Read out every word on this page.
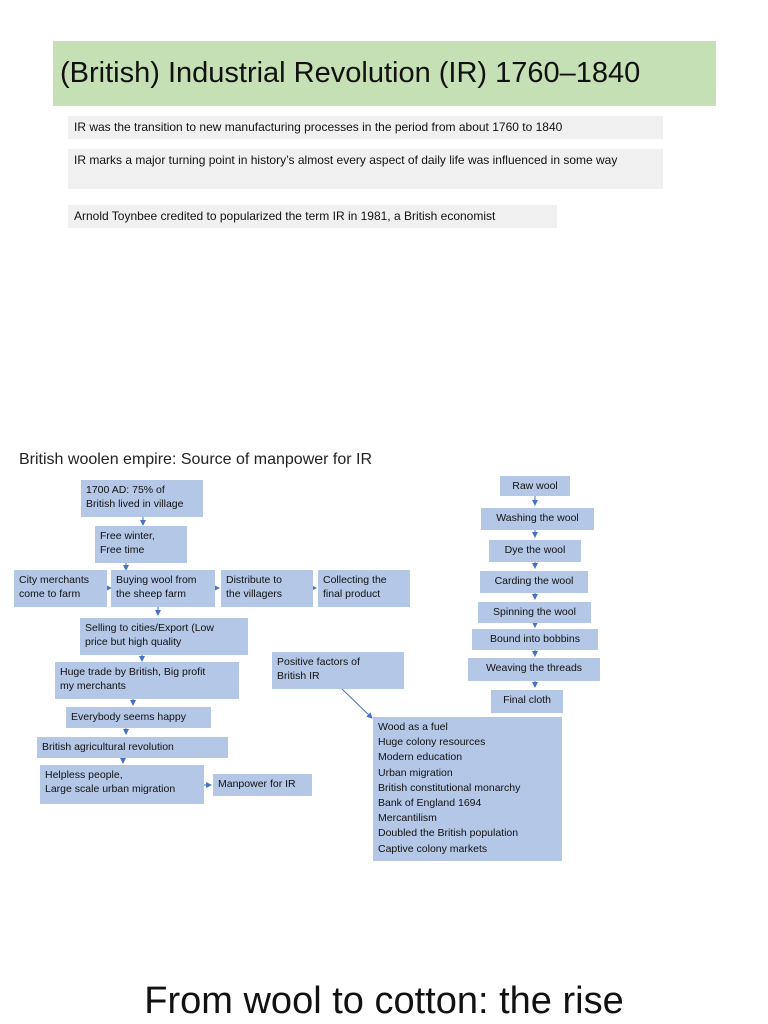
(British) Industrial Revolution (IR) 1760–1840
IR was the transition to new manufacturing processes in the period from about 1760 to 1840
IR marks a major turning point in history’s almost every aspect of daily life was influenced in some way
Arnold Toynbee credited to popularized the term IR in 1981, a British economist
British woolen empire: Source of manpower for IR
1700 AD: 75% of
British lived in village
Free winter,
Free time
City merchants
come to farm
Buying wool from
the sheep farm
Distribute to
the villagers
Collecting the
final product
Selling to cities/Export (Low
price but high quality
Huge trade by British, Big profit
my merchants
Everybody seems happy
British agricultural revolution
Helpless people,
Large scale urban migration	Manpower for IR
Positive factors of
British IR
Wood as a fuel
Huge colony resources
Modern education
Urban migration
British constitutional monarchy
Bank of England 1694
Mercantilism
Doubled the British population
Captive colony markets
Raw wool
Washing the wool
Dye the wool
Carding the wool
Spinning the wool
Bound into bobbins
Weaving the threads
Final cloth
From wool to cotton: the rise
